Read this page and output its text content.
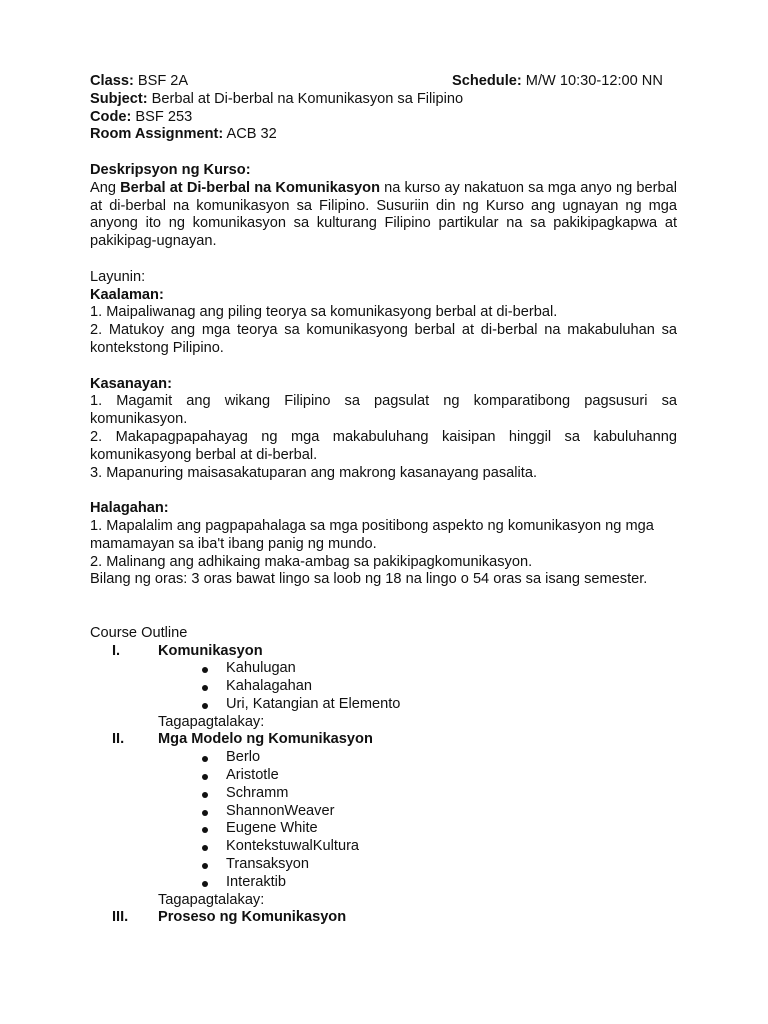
Class: BSF 2A	Schedule: M/W 10:30-12:00 NN

Subject: Berbal at Di-berbal na Komunikasyon sa Filipino

Code: BSF 253

Room Assignment: ACB 32

Deskripsyon ng Kurso:

Ang Berbal at Di-berbal na Komunikasyon na kurso ay nakatuon sa mga anyo ng berbal at di-berbal na komunikasyon sa Filipino. Susuriin din ng Kurso ang ugnayan ng mga anyong ito ng komunikasyon sa kulturang Filipino partikular na sa pakikipagkapwa at pakikipag-ugnayan.

Layunin:

Kaalaman:

1. Maipaliwanag ang piling teorya sa komunikasyong berbal at di-berbal.

2. Matukoy ang mga teorya sa komunikasyong berbal at di-berbal na makabuluhan sa kontekstong Pilipino.

Kasanayan:

1. Magamit ang wikang Filipino sa pagsulat ng komparatibong pagsusuri sa komunikasyon.

2. Makapagpapahayag ng mga makabuluhang kaisipan hinggil sa kabuluhanng komunikasyong berbal at di-berbal.

3. Mapanuring maisasakatuparan ang makrong kasanayang pasalita.

Halagahan:

1. Mapalalim ang pagpapahalaga sa mga positibong aspekto ng komunikasyon ng mga mamamayan sa iba't ibang panig ng mundo.

2. Malinang ang adhikaing maka-ambag sa pakikipagkomunikasyon.

Bilang ng oras: 3 oras bawat lingo sa loob ng 18 na lingo o 54 oras sa isang semester.

Course Outline

I.	Komunikasyon
Kahulugan
Kahalagahan
Uri, Katangian at Elemento
Tagapagtalakay:
II. Mga Modelo ng Komunikasyon
Berlo
Aristotle
Schramm
ShannonWeaver
Eugene White
KontekstuwalKultura
Transaksyon
Interaktib
Tagapagtalakay:
III. Proseso ng Komunikasyon
